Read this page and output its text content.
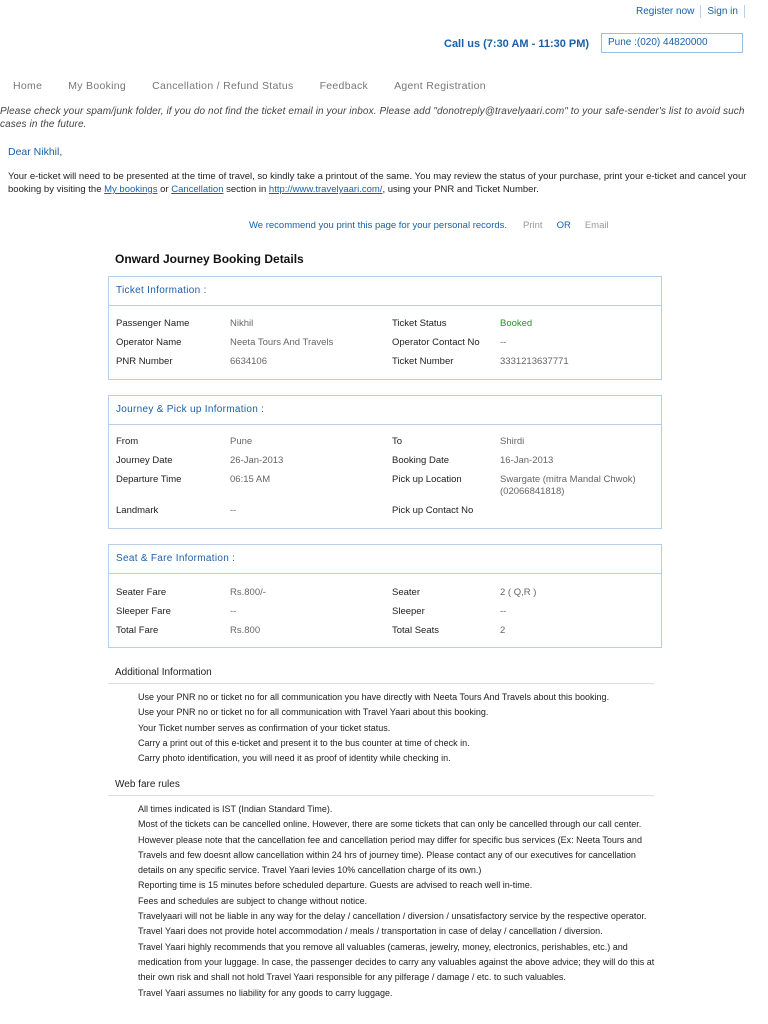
Register now Sign in
Call us (7:30 AM - 11:30 PM)	Pune :(020) 44820000
Home My Booking Cancellation / Refund Status Feedback Agent Registration
Please check your spam/junk folder, if you do not find the ticket email in your inbox. Please add "donotreply@travelyaari.com" to your safe-sender's list to avoid such cases in the future.
Dear Nikhil,
Your e-ticket will need to be presented at the time of travel, so kindly take a printout of the same. You may review the status of your purchase, print your e-ticket and cancel your booking by visiting the My bookings or Cancellation section in http://www.travelyaari.com/, using your PNR and Ticket Number.
We recommend you print this page for your personal records. Print OR Email
Onward Journey Booking Details
Ticket Information :
Passenger Name	Nikhil	Ticket Status	Booked
Operator Name	Neeta Tours And Travels	Operator Contact No --
PNR Number	6634106	Ticket Number	3331213637771
Journey & Pick up Information :
From	Pune	To	Shirdi
Journey Date	26-Jan-2013	Booking Date	16-Jan-2013
Departure Time	06:15 AM	Pick up Location	Swargate (mitra Mandal Chwok)(02066841818)
Landmark	--	Pick up Contact No
Seat & Fare Information :
Seater Fare	Rs.800/-	Seater	2 ( Q,R )
Sleeper Fare	--	Sleeper	--
Total Fare	Rs.800	Total Seats	2
Additional Information
Use your PNR no or ticket no for all communication you have directly with Neeta Tours And Travels about this booking.
Use your PNR no or ticket no for all communication with Travel Yaari about this booking.
Your Ticket number serves as confirmation of your ticket status.
Carry a print out of this e-ticket and present it to the bus counter at time of check in.
Carry photo identification, you will need it as proof of identity while checking in.
Web fare rules
All times indicated is IST (Indian Standard Time).
Most of the tickets can be cancelled online. However, there are some tickets that can only be cancelled through our call center.
However please note that the cancellation fee and cancellation period may differ for specific bus services (Ex: Neeta Tours and Travels and few doesnt allow cancellation within 24 hrs of journey time). Please contact any of our executives for cancellation details on any specific service. Travel Yaari levies 10% cancellation charge of its own.)
Reporting time is 15 minutes before scheduled departure. Guests are advised to reach well in-time.
Fees and schedules are subject to change without notice.
Travelyaari will not be liable in any way for the delay / cancellation / diversion / unsatisfactory service by the respective operator.
Travel Yaari does not provide hotel accommodation / meals / transportation in case of delay / cancellation / diversion.
Travel Yaari highly recommends that you remove all valuables (cameras, jewelry, money, electronics, perishables, etc.) and medication from your luggage. In case, the passenger decides to carry any valuables against the above advice; they will do this at their own risk and shall not hold Travel Yaari responsible for any pilferage / damage / etc. to such valuables.
Travel Yaari assumes no liability for any goods to carry luggage.
